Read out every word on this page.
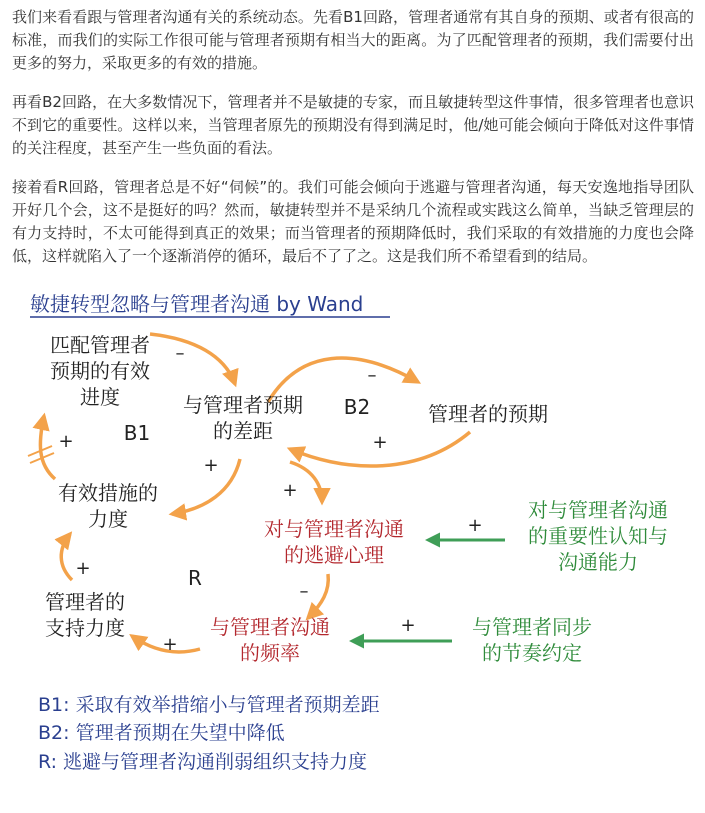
我们来看看跟与管理者沟通有关的系统动态。先看B1回路，管理者通常有其自身的预期、或者有很高的标准，而我们的实际工作很可能与管理者预期有相当大的距离。为了匹配管理者的预期，我们需要付出更多的努力，采取更多的有效的措施。

再看B2回路，在大多数情况下，管理者并不是敏捷的专家，而且敏捷转型这件事情，很多管理者也意识不到它的重要性。这样以来，当管理者原先的预期没有得到满足时，他/她可能会倾向于降低对这件事情的关注程度，甚至产生一些负面的看法。

接着看R回路，管理者总是不好“伺候”的。我们可能会倾向于逃避与管理者沟通，每天安逸地指导团队开好几个会，这不是挺好的吗？然而，敏捷转型并不是采纳几个流程或实践这么简单，当缺乏管理层的有力支持时，不太可能得到真正的效果；而当管理者的预期降低时，我们采取的有效措施的力度也会降低，这样就陷入了一个逐渐消停的循环，最后不了了之。这是我们所不希望看到的结局。

敏捷转型忽略与管理者沟通 by Wand
匹配管理者
预期的有效
进度	与管理者预期
的差距
管理者的预期
有效措施的
力度	对与管理者沟通
的逃避心理
对与管理者沟通
的重要性认知与
沟通能力
管理者的
支持力度	与管理者沟通
的频率
与管理者同步
的节奏约定
B1
B2
R
–
+
+
–
+
+
+
–
+
+
+
B1: 采取有效举措缩小与管理者预期差距
B2: 管理者预期在失望中降低
R: 逃避与管理者沟通削弱组织支持力度
